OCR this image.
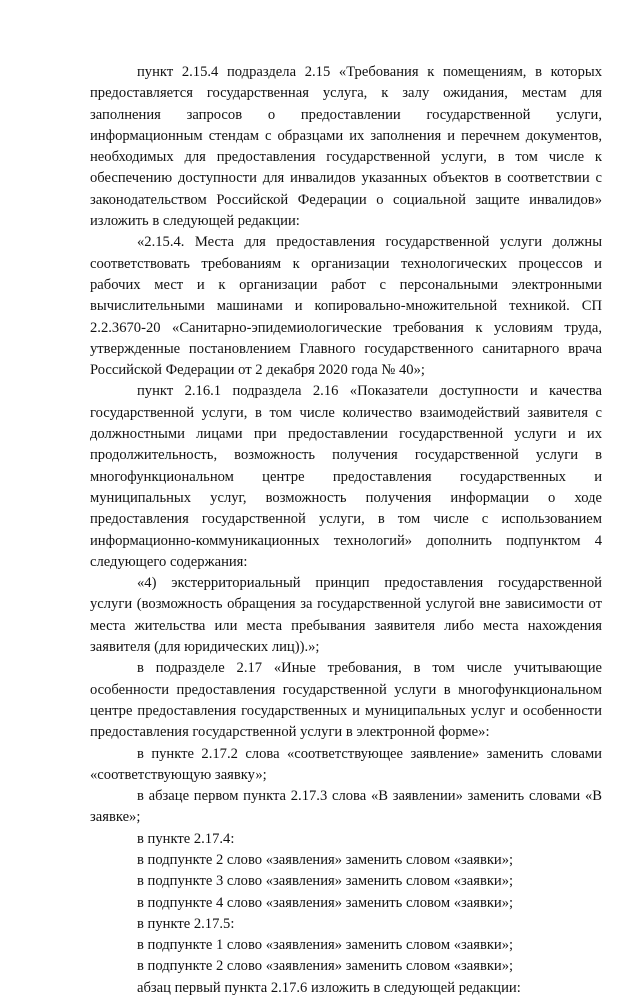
пункт 2.15.4 подраздела 2.15 «Требования к помещениям, в которых предоставляется государственная услуга, к залу ожидания, местам для заполнения запросов о предоставлении государственной услуги, информационным стендам с образцами их заполнения и перечнем документов, необходимых для предоставления государственной услуги, в том числе к обеспечению доступности для инвалидов указанных объектов в соответствии с законодательством Российской Федерации о социальной защите инвалидов» изложить в следующей редакции:

«2.15.4. Места для предоставления государственной услуги должны соответствовать требованиям к организации технологических процессов и рабочих мест и к организации работ с персональными электронными вычислительными машинами и копировально-множительной техникой. СП 2.2.3670-20 «Санитарно-эпидемиологические требования к условиям труда, утвержденные постановлением Главного государственного санитарного врача Российской Федерации от 2 декабря 2020 года № 40»;

пункт 2.16.1 подраздела 2.16 «Показатели доступности и качества государственной услуги, в том числе количество взаимодействий заявителя с должностными лицами при предоставлении государственной услуги и их продолжительность, возможность получения государственной услуги в многофункциональном центре предоставления государственных и муниципальных услуг, возможность получения информации о ходе предоставления государственной услуги, в том числе с использованием информационно-коммуникационных технологий» дополнить подпунктом 4 следующего содержания:

«4) экстерриториальный принцип предоставления государственной услуги (возможность обращения за государственной услугой вне зависимости от места жительства или места пребывания заявителя либо места нахождения заявителя (для юридических лиц)).»;

в подразделе 2.17 «Иные требования, в том числе учитывающие особенности предоставления государственной услуги в многофункциональном центре предоставления государственных и муниципальных услуг и особенности предоставления государственной услуги в электронной форме»:

в пункте 2.17.2 слова «соответствующее заявление» заменить словами «соответствующую заявку»;

в абзаце первом пункта 2.17.3 слова «В заявлении» заменить словами «В заявке»;

в пункте 2.17.4:

в подпункте 2 слово «заявления» заменить словом «заявки»;

в подпункте 3 слово «заявления» заменить словом «заявки»;

в подпункте 4 слово «заявления» заменить словом «заявки»;

в пункте 2.17.5:

в подпункте 1 слово «заявления» заменить словом «заявки»;

в подпункте 2 слово «заявления» заменить словом «заявки»;

абзац первый пункта 2.17.6 изложить в следующей редакции:
